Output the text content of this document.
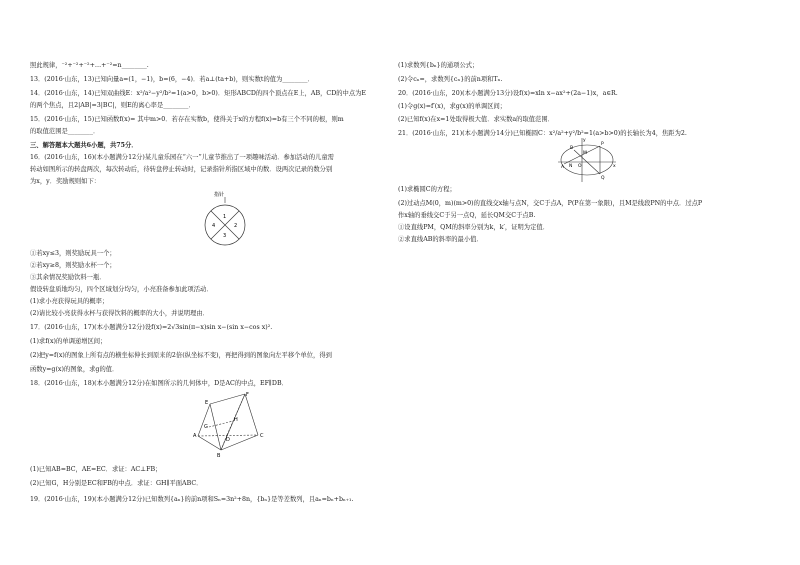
照此规律，⁻²+⁻²+⁻²+…+⁻²=n________.
13．(2016·山东，13)已知向量a=(1，−1)，b=(6，−4)．若a⊥(ta+b)，则实数t的值为________．
14．(2016·山东，14)已知双曲线E：x²/a²−y²/b²=1(a>0，b>0)．矩形ABCD的四个顶点在E上，AB，CD的中点为E
的两个焦点，且2|AB|=3|BC|，则E的离心率是________．
15．(2016·山东，15)已知函数f(x)= 其中m>0．若存在实数b，使得关于x的方程f(x)=b有三个不同的根，则m
的取值范围是________．
三、解答题本大题共6小题，共75分．
16．(2016·山东，16)(本小题满分12分)某儿童乐园在“六一”儿童节推出了一项趣味活动．参加活动的儿童需
转动如图所示的转盘两次，每次转动后，待转盘停止转动时，记录指针所指区域中的数．设两次记录的数分别
为x，y．奖励规则如下：
指针
1
2
3
4
①若xy≤3，则奖励玩具一个；
②若xy≥8，则奖励水杯一个；
③其余情况奖励饮料一瓶．
假设转盘质地均匀，四个区域划分均匀，小亮准备参加此项活动．
(1)求小亮获得玩具的概率；
(2)请比较小亮获得水杯与获得饮料的概率的大小，并说明理由．
17．(2016·山东，17)(本小题满分12分)设f(x)=2√3sin(π−x)sin x−(sin x−cos x)².
(1)求f(x)的单调递增区间；
(2)把y=f(x)的图象上所有点的横坐标伸长到原来的2倍(纵坐标不变)，再把得到的图象向左平移个单位，得到
函数y=g(x)的图象，求g的值．
18．(2016·山东，18)(本小题满分12分)在如图所示的几何体中，D是AC的中点，EF∥DB．
E
F
G
H
A
B
C
D
(1)已知AB=BC，AE=EC．求证：AC⊥FB；
(2)已知G，H分别是EC和FB的中点．求证：GH∥平面ABC．
19．(2016·山东，19)(本小题满分12分)已知数列{aₙ}的前n项和Sₙ=3n²+8n，{bₙ}是等差数列，且aₙ=bₙ+bₙ₊₁.
(1)求数列{bₙ}的通项公式；
(2)令cₙ=，求数列{cₙ}的前n项和Tₙ.
20．(2016·山东，20)(本小题满分13分)设f(x)=xln x−ax²+(2a−1)x，a∈R.
(1)令g(x)=f′(x)，求g(x)的单调区间；
(2)已知f(x)在x=1处取得极大值．求实数a的取值范围．
21．(2016·山东，21)(本小题满分14分)已知椭圆C：x²/a²+y²/b²=1(a>b>0)的长轴长为4，焦距为2.
y
P
M
B
N O	x
A
Q
(1)求椭圆C的方程；
(2)过动点M(0，m)(m>0)的直线交x轴与点N，交C于点A，P(P在第一象限)，且M是线段PN的中点．过点P
作x轴的垂线交C于另一点Q，延长QM交C于点B.
①设直线PM，QM的斜率分别为k，k′，证明为定值．
②求直线AB的斜率的最小值．
